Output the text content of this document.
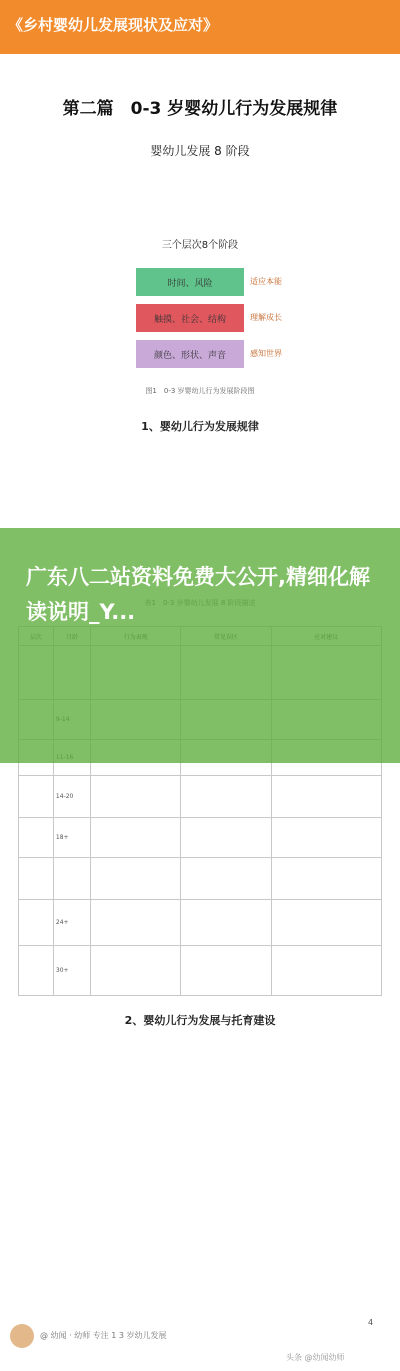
《乡村婴幼儿发展现状及应对》
第二篇　0-3 岁婴幼儿行为发展规律
婴幼儿发展 8 阶段
三个层次8个阶段
时间、风险	适应本能
触摸、社会、结构	理解成长
颜色、形状、声音	感知世界
图1　0-3 岁婴幼儿行为发展阶段图
1、婴幼儿行为发展规律

	14-20			
	18+			

	24+			
	30+			
广东八二站资料免费大公开,精细化解读说明_Y...
2、婴幼儿行为发展与托育建设
@ 幼闻 · 幼师 专注 1 3 岁幼儿发展
4
头条 @幼闻幼师
